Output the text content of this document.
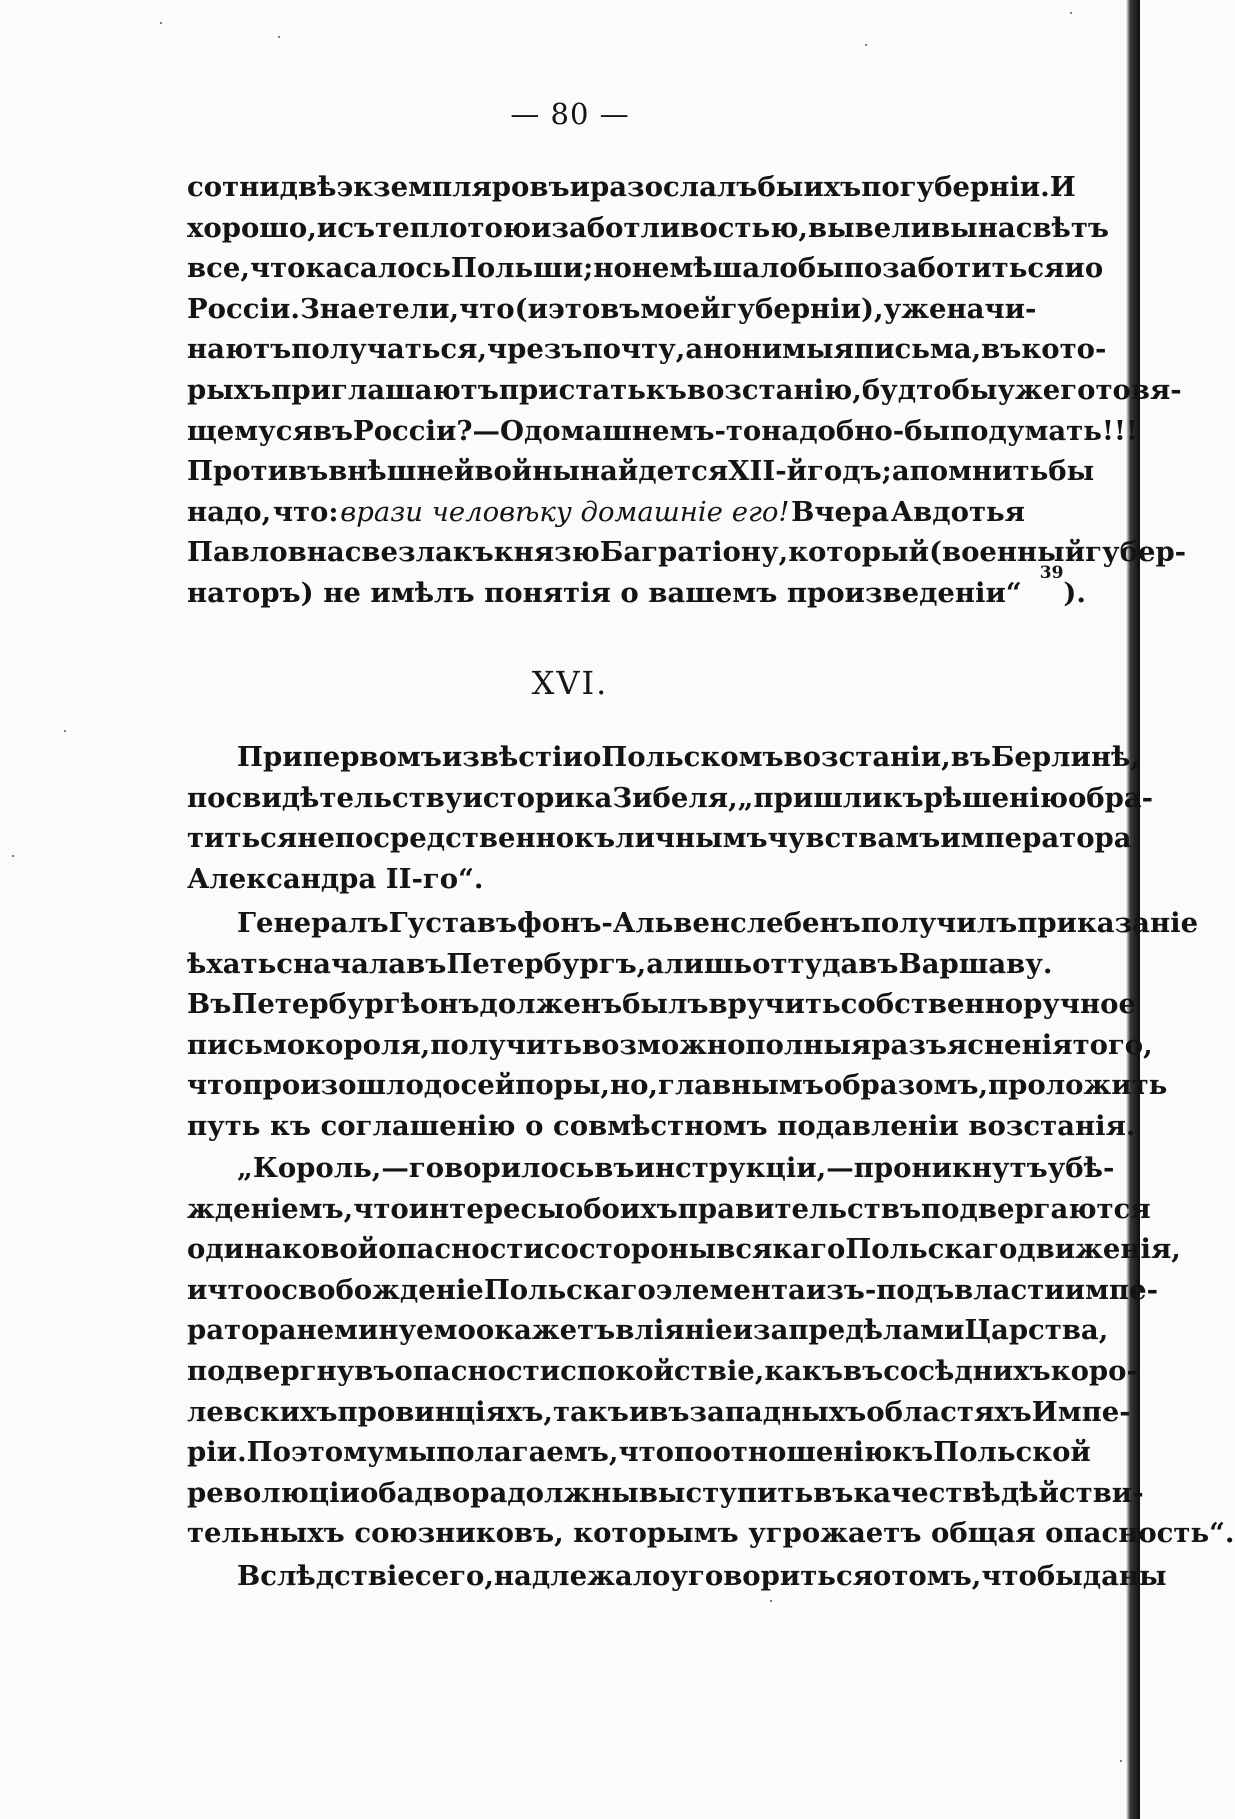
— 80 —
сотни двѣ экземпляровъ и разослалъ бы ихъ по губерніи. И
хорошо, и съ теплотою и заботливостью, вывели вы на свѣтъ
все, что касалось Польши; но не мѣшало бы позаботиться и о
Россіи. Знаете ли, что (и это въ моей губерніи), уже начи-
наютъ получаться, чрезъ почту, анонимыя письма, въ кото-
рыхъ приглашаютъ пристать къ возстанію, будто бы уже готовя-
щемуся въ Россіи?—О домашнемъ-то надобно-бы подумать!!!
Противъ внѣшней войны найдется XII-й годъ; а помнить бы
надо, что: врази человѣку домашніе его! Вчера Авдотья
Павловна свезла къ князю Багратіону, который (военный губер-
наторъ) не имѣлъ понятія о вашемъ произведеніи“
39
).
XVI.
При первомъ извѣстіи о Польскомъ возстаніи, въ Берлинѣ,
по свидѣтельству историка Зибеля, „пришли къ рѣшенію обра-
титься непосредственно къ личнымъ чувствамъ императора
Александра II-го“.
Генералъ Густавъ фонъ-Альвенслебенъ получилъ приказаніе
ѣхать сначала въ Петербургъ, а лишь оттуда въ Варшаву.
Въ Петербургѣ онъ долженъ былъ вручить собственноручное
письмо короля, получить возможно полныя разъясненія того,
что произошло до сей поры, но, главнымъ образомъ, проложить
путь къ соглашенію о совмѣстномъ подавленіи возстанія.
„Король, — говорилось въ инструкціи, — проникнутъ убѣ-
жденіемъ, что интересы обоихъ правительствъ подвергаются
одинаковой опасности со стороны всякаго Польскаго движенія,
и что освобожденіе Польскаго элемента изъ-подъ власти импе-
ратора неминуемо окажетъ вліяніе и за предѣлами Царства,
подвергнувъ опасности спокойствіе, какъ въ сосѣднихъ коро-
левскихъ провинціяхъ, такъ и въ западныхъ областяхъ Импе-
ріи. Поэтому мы полагаемъ, что по отношенію къ Польской
революціи оба двора должны выступить въ качествѣ дѣйстви-
тельныхъ союзниковъ, которымъ угрожаетъ общая опасность“.
Вслѣдствіе сего, надлежало уговориться о томъ, чтобы даны
